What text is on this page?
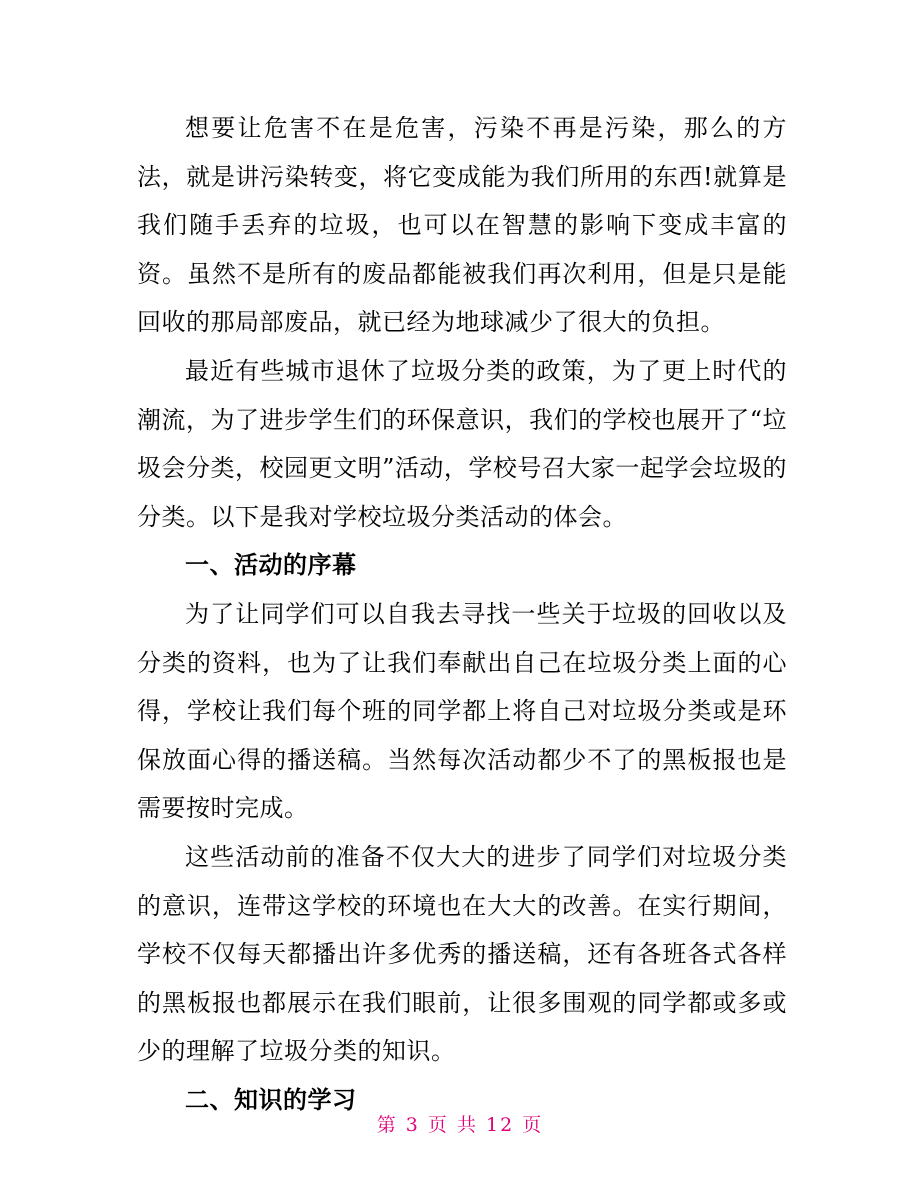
想要让危害不在是危害，污染不再是污染，那么的方法，就是讲污染转变，将它变成能为我们所用的东西!就算是我们随手丢弃的垃圾，也可以在智慧的影响下变成丰富的资。虽然不是所有的废品都能被我们再次利用，但是只是能回收的那局部废品，就已经为地球减少了很大的负担。

最近有些城市退休了垃圾分类的政策，为了更上时代的潮流，为了进步学生们的环保意识，我们的学校也展开了“垃圾会分类，校园更文明”活动，学校号召大家一起学会垃圾的分类。以下是我对学校垃圾分类活动的体会。

一、活动的序幕

为了让同学们可以自我去寻找一些关于垃圾的回收以及分类的资料，也为了让我们奉献出自己在垃圾分类上面的心得，学校让我们每个班的同学都上将自己对垃圾分类或是环保放面心得的播送稿。当然每次活动都少不了的黑板报也是需要按时完成。

这些活动前的准备不仅大大的进步了同学们对垃圾分类的意识，连带这学校的环境也在大大的改善。在实行期间，学校不仅每天都播出许多优秀的播送稿，还有各班各式各样的黑板报也都展示在我们眼前，让很多围观的同学都或多或少的理解了垃圾分类的知识。

二、知识的学习

第 3 页 共 12 页
